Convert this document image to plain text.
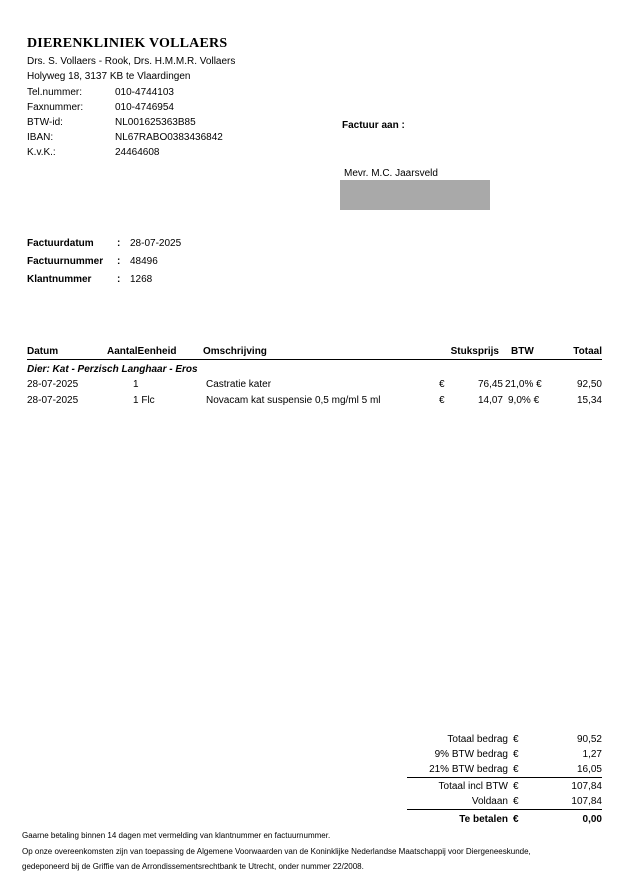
DIERENKLINIEK VOLLAERS
Drs. S. Vollaers - Rook, Drs. H.M.M.R. Vollaers
Holyweg 18, 3137 KB te Vlaardingen
Tel.nummer:	010-4744103
Faxnummer:	010-4746954
BTW-id:	NL001625363B85
IBAN:	NL67RABO0383436842
K.v.K.:	24464608
Factuur aan :
Mevr. M.C. Jaarsveld
Factuurdatum : 28-07-2025
Factuurnummer : 48496
Klantnummer	: 1268
Datum	AantalEenheid	Omschrijving	Stuksprijs BTW	Totaal
Dier: Kat - Perzisch Langhaar - Eros
28-07-2025	1	Castratie kater	€	76,45 21,0% €	92,50
28-07-2025	1 Flc	Novacam kat suspensie 0,5 mg/ml 5 ml	€	14,07 9,0% €	15,34
Totaal bedrag €	90,52
9% BTW bedrag €	1,27
21% BTW bedrag €	16,05
Totaal incl BTW €	107,84
Voldaan €	107,84
Te betalen €	0,00
Gaarne betaling binnen 14 dagen met vermelding van klantnummer en factuurnummer.
Op onze overeenkomsten zijn van toepassing de Algemene Voorwaarden van de Koninklijke Nederlandse Maatschappij voor Diergeneeskunde,
gedeponeerd bij de Griffie van de Arrondissementsrechtbank te Utrecht, onder nummer 22/2008.
